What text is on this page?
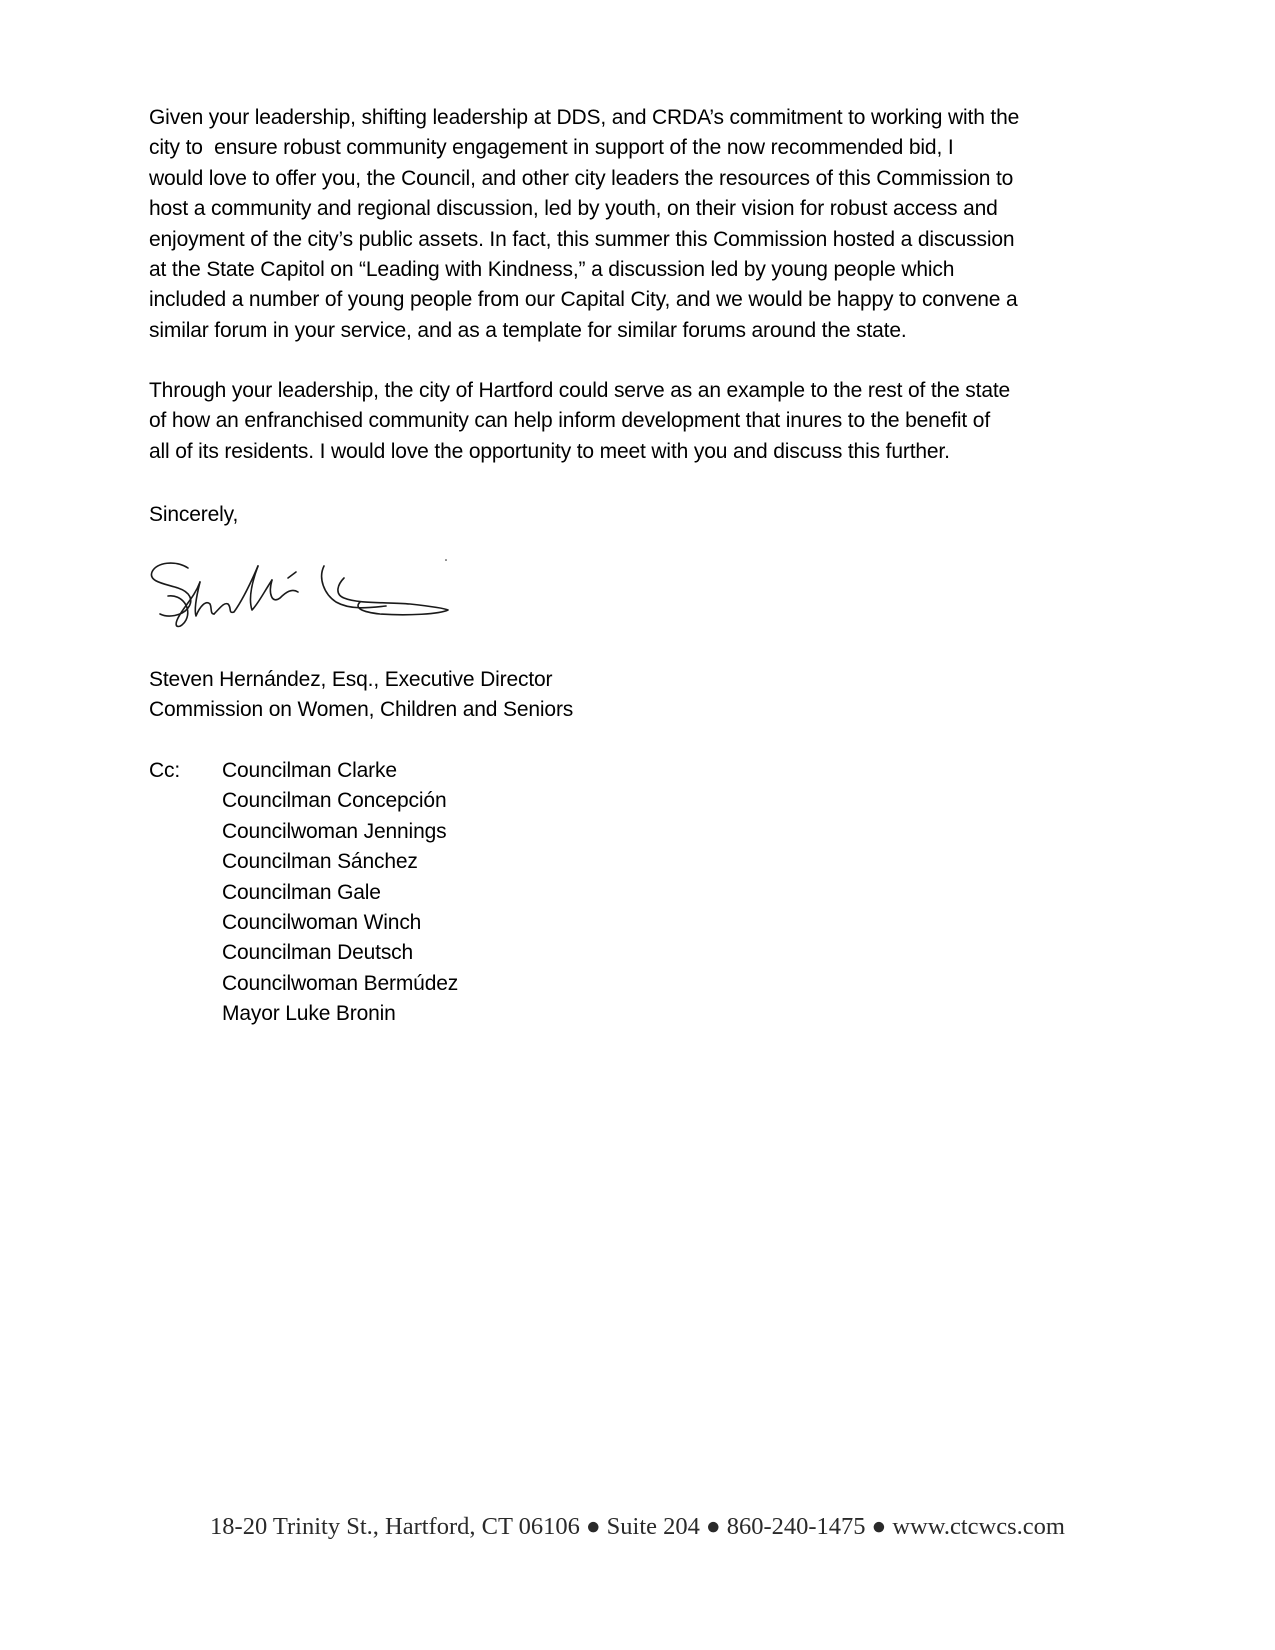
Given your leadership, shifting leadership at DDS, and CRDA’s commitment to working with the
city to  ensure robust community engagement in support of the now recommended bid, I
would love to offer you, the Council, and other city leaders the resources of this Commission to
host a community and regional discussion, led by youth, on their vision for robust access and
enjoyment of the city’s public assets. In fact, this summer this Commission hosted a discussion
at the State Capitol on “Leading with Kindness,” a discussion led by young people which
included a number of young people from our Capital City, and we would be happy to convene a
similar forum in your service, and as a template for similar forums around the state.
Through your leadership, the city of Hartford could serve as an example to the rest of the state
of how an enfranchised community can help inform development that inures to the benefit of
all of its residents. I would love the opportunity to meet with you and discuss this further.
Sincerely,
Steven Hernández, Esq., Executive Director
Commission on Women, Children and Seniors
Cc: Councilman Clarke
Councilman Concepción
Councilwoman Jennings
Councilman Sánchez
Councilman Gale
Councilwoman Winch
Councilman Deutsch
Councilwoman Bermúdez
Mayor Luke Bronin
18-20 Trinity St., Hartford, CT 06106 ● Suite 204 ● 860-240-1475 ● www.ctcwcs.com
